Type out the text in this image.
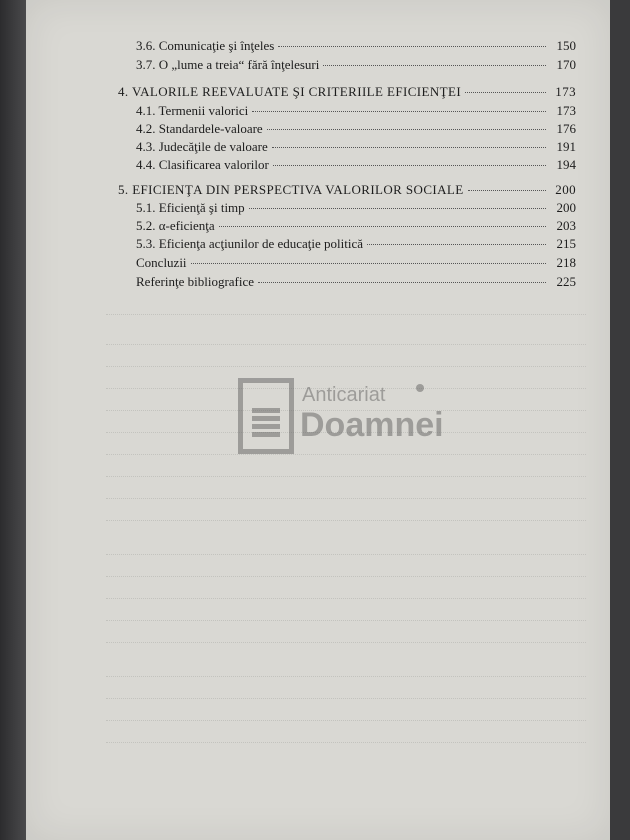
3.6. Comunicaţie şi înţeles	150
3.7. O „lume a treia“ fără înţelesuri	170
4. VALORILE REEVALUATE ŞI CRITERIILE EFICIENŢEI	173
4.1. Termenii valorici	173
4.2. Standardele-valoare	176
4.3. Judecăţile de valoare	191
4.4. Clasificarea valorilor	194
5. EFICIENŢA DIN PERSPECTIVA VALORILOR SOCIALE	200
5.1. Eficienţă şi timp	200
5.2. α-eficienţa	203
5.3. Eficienţa acţiunilor de educaţie politică	215
Concluzii	218
Referinţe bibliografice	225
Anticariat
Doamnei
